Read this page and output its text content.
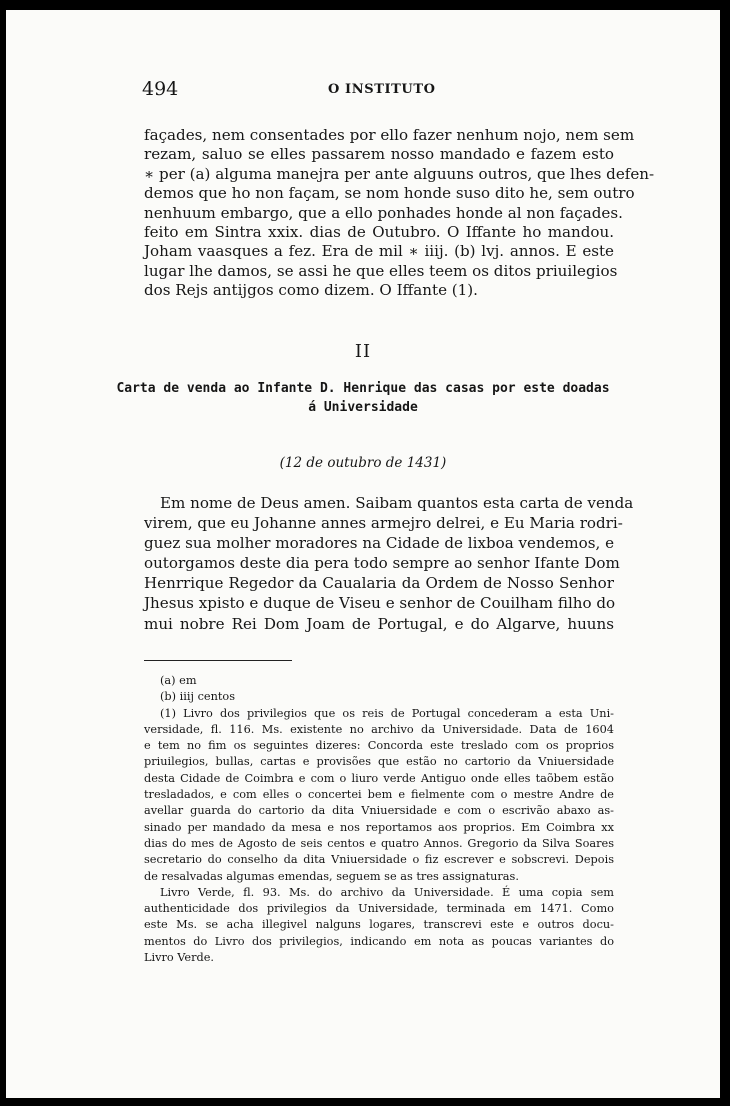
494	O INSTITUTO
façades, nem consentades por ello fazer nenhum nojo, nem sem
rezam, saluo se elles passarem nosso mandado e fazem esto
∗ per (a) alguma manejra per ante alguuns outros, que lhes defen-
demos que ho non façam, se nom honde suso dito he, sem outro
nenhuum embargo, que a ello ponhades honde al non façades.
feito em Sintra xxix. dias de Outubro. O Iffante ho mandou.
Joham vaasques a fez. Era de mil ∗ iiij. (b) lvj. annos. E este
lugar lhe damos, se assi he que elles teem os ditos priuilegios
dos Rejs antijgos como dizem. O Iffante (1).
II
Carta de venda ao Infante D. Henrique das casas por este doadas
á Universidade
(12 de outubro de 1431)
Em nome de Deus amen. Saibam quantos esta carta de venda
virem, que eu Johanne annes armejro delrei, e Eu Maria rodri-
guez sua molher moradores na Cidade de lixboa vendemos, e
outorgamos deste dia pera todo sempre ao senhor Ifante Dom
Henrrique Regedor da Caualaria da Ordem de Nosso Senhor
Jhesus xpisto e duque de Viseu e senhor de Couilham filho do
mui nobre Rei Dom Joam de Portugal, e do Algarve, huuns
(a) em
(b) iiij centos
(1) Livro dos privilegios que os reis de Portugal concederam a esta Uni-
versidade, fl. 116. Ms. existente no archivo da Universidade. Data de 1604
e tem no fim os seguintes dizeres: Concorda este treslado com os proprios
priuilegios, bullas, cartas e provisões que estão no cartorio da Vniuersidade
desta Cidade de Coimbra e com o liuro verde Antiguo onde elles taõbem estão
tresladados, e com elles o concertei bem e fielmente com o mestre Andre de
avellar guarda do cartorio da dita Vniuersidade e com o escrivão abaxo as-
sinado per mandado da mesa e nos reportamos aos proprios. Em Coimbra xx
dias do mes de Agosto de seis centos e quatro Annos. Gregorio da Silva Soares
secretario do conselho da dita Vniuersidade o fiz escrever e sobscrevi. Depois
de resalvadas algumas emendas, seguem se as tres assignaturas.
Livro Verde, fl. 93. Ms. do archivo da Universidade. É uma copia sem
authenticidade dos privilegios da Universidade, terminada em 1471. Como
este Ms. se acha illegivel nalguns logares, transcrevi este e outros docu-
mentos do Livro dos privilegios, indicando em nota as poucas variantes do
Livro Verde.
